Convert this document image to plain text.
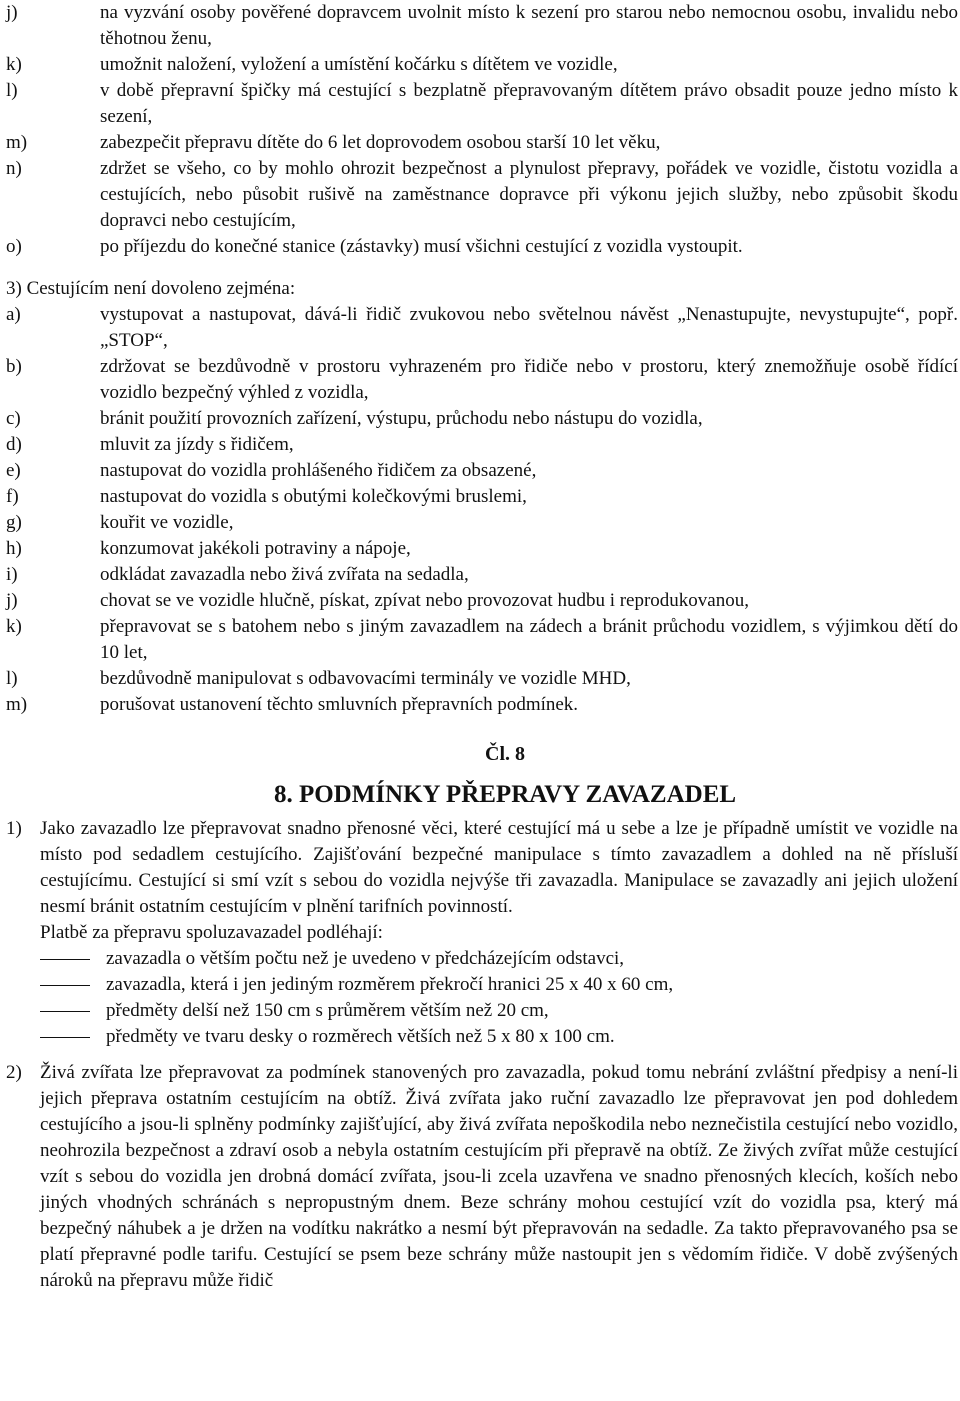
j)	na vyzvání osoby pověřené dopravcem uvolnit místo k sezení pro starou nebo nemocnou osobu, invalidu nebo těhotnou ženu,
k)	umožnit naložení, vyložení a umístění kočárku s dítětem ve vozidle,
l)	v době přepravní špičky má cestující s bezplatně přepravovaným dítětem právo obsadit pouze jedno místo k sezení,
m)	zabezpečit přepravu dítěte do 6 let doprovodem osobou starší 10 let věku,
n)	zdržet se všeho, co by mohlo ohrozit bezpečnost a plynulost přepravy, pořádek ve vozidle, čistotu vozidla a cestujících, nebo působit rušivě na zaměstnance dopravce při výkonu jejich služby, nebo způsobit škodu dopravci nebo cestujícím,
o)	po příjezdu do konečné stanice (zástavky) musí všichni cestující z vozidla vystoupit.
3) Cestujícím není dovoleno zejména:
a)	vystupovat a nastupovat, dává-li řidič zvukovou nebo světelnou návěst „Nenastupujte, nevystupujte“, popř. „STOP“,
b)	zdržovat se bezdůvodně v prostoru vyhrazeném pro řidiče nebo v prostoru, který znemožňuje osobě řídící vozidlo bezpečný výhled z vozidla,
c)	bránit použití provozních zařízení, výstupu, průchodu nebo nástupu do vozidla,
d)	mluvit za jízdy s řidičem,
e)	nastupovat do vozidla prohlášeného řidičem za obsazené,
f)	nastupovat do vozidla s obutými kolečkovými bruslemi,
g)	kouřit ve vozidle,
h)	konzumovat jakékoli potraviny a nápoje,
i)	odkládat zavazadla nebo živá zvířata na sedadla,
j)	chovat se ve vozidle hlučně, pískat, zpívat nebo provozovat hudbu i reprodukovanou,
k)	přepravovat se s batohem nebo s jiným zavazadlem na zádech a bránit průchodu vozidlem, s výjimkou dětí do 10 let,
l)	bezdůvodně manipulovat s odbavovacími terminály ve vozidle MHD,
m)	porušovat ustanovení těchto smluvních přepravních podmínek.
Čl. 8
8. PODMÍNKY PŘEPRAVY ZAVAZADEL
1) Jako zavazadlo lze přepravovat snadno přenosné věci, které cestující má u sebe a lze je případně umístit ve vozidle na místo pod sedadlem cestujícího. Zajišťování bezpečné manipulace s tímto zavazadlem a dohled na ně přísluší cestujícímu. Cestující si smí vzít s sebou do vozidla nejvýše tři zavazadla. Manipulace se zavazadly ani jejich uložení nesmí bránit ostatním cestujícím v plnění tarifních povinností.
Platbě za přepravu spoluzavazadel podléhají:
zavazadla o větším počtu než je uvedeno v předcházejícím odstavci,
zavazadla, která i jen jediným rozměrem překročí hranici 25 x 40 x 60 cm,
předměty delší než 150 cm s průměrem větším než 20 cm,
předměty ve tvaru desky o rozměrech větších než 5 x 80 x 100 cm.
2) Živá zvířata lze přepravovat za podmínek stanovených pro zavazadla, pokud tomu nebrání zvláštní předpisy a není-li jejich přeprava ostatním cestujícím na obtíž. Živá zvířata jako ruční zavazadlo lze přepravovat jen pod dohledem cestujícího a jsou-li splněny podmínky zajišťující, aby živá zvířata nepoškodila nebo neznečistila cestující nebo vozidlo, neohrozila bezpečnost a zdraví osob a nebyla ostatním cestujícím při přepravě na obtíž. Ze živých zvířat může cestující vzít s sebou do vozidla jen drobná domácí zvířata, jsou-li zcela uzavřena ve snadno přenosných klecích, koších nebo jiných vhodných schránách s nepropustným dnem. Beze schrány mohou cestující vzít do vozidla psa, který má bezpečný náhubek a je držen na vodítku nakrátko a nesmí být přepravován na sedadle. Za takto přepravovaného psa se platí přepravné podle tarifu. Cestující se psem beze schrány může nastoupit jen s vědomím řidiče. V době zvýšených nároků na přepravu může řidič
